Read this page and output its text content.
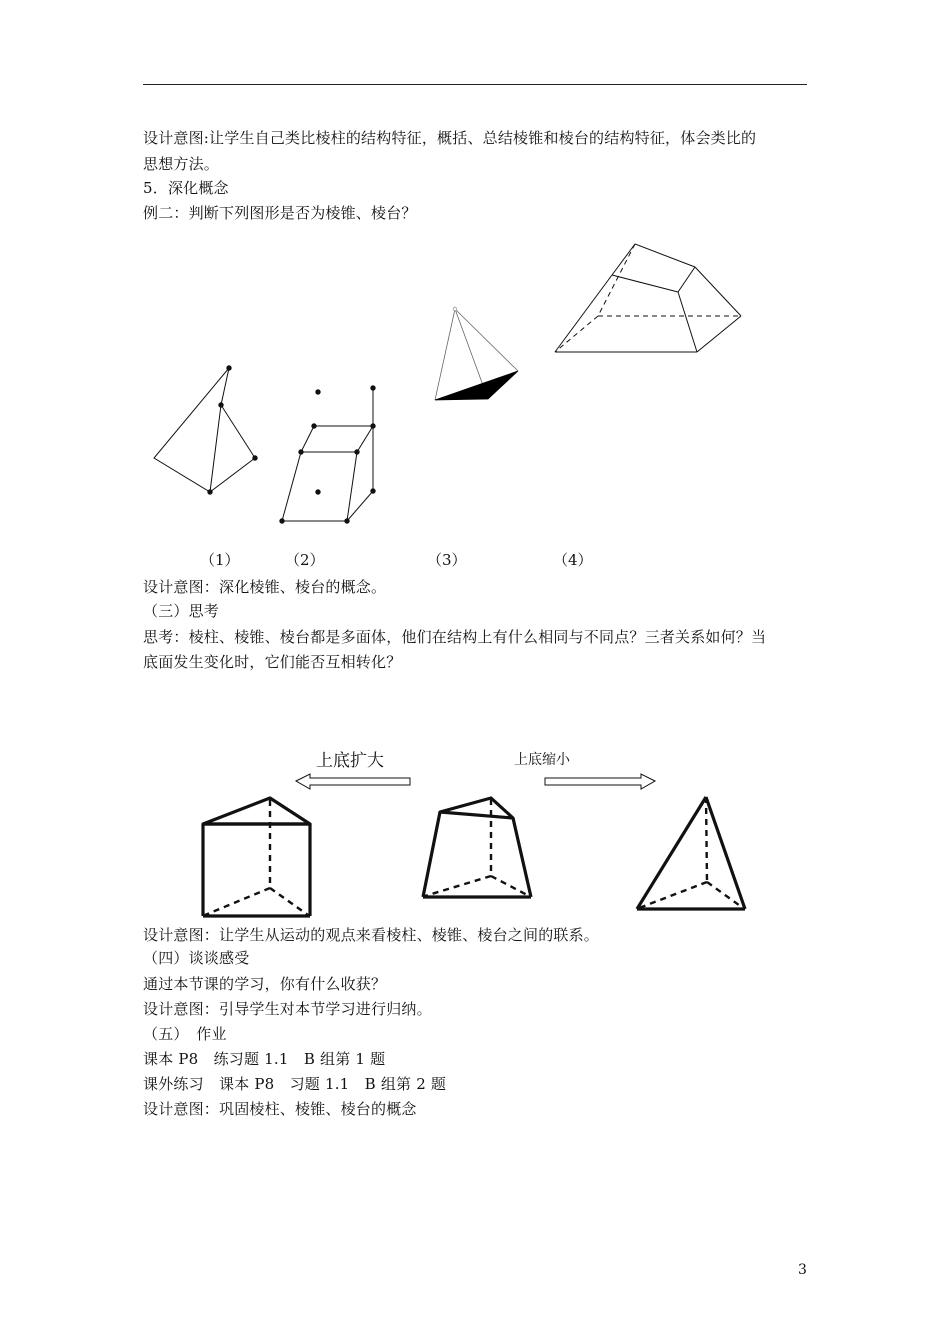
设计意图:让学生自己类比棱柱的结构特征，概括、总结棱锥和棱台的结构特征，体会类比的
思想方法。
5．深化概念
例二：判断下列图形是否为棱锥、棱台？
（1）	（2）	（3）	（4）
设计意图：深化棱锥、棱台的概念。
（三）思考
思考：棱柱、棱锥、棱台都是多面体，他们在结构上有什么相同与不同点？三者关系如何？当
底面发生变化时，它们能否互相转化？
上底扩大	上底缩小
设计意图：让学生从运动的观点来看棱柱、棱锥、棱台之间的联系。
（四）谈谈感受
通过本节课的学习，你有什么收获？
设计意图：引导学生对本节学习进行归纳。
（五）　作业
课本 P8　练习题 1.1　B 组第 1 题
课外练习　课本 P8　习题 1.1　B 组第 2 题
设计意图：巩固棱柱、棱锥、棱台的概念
3
